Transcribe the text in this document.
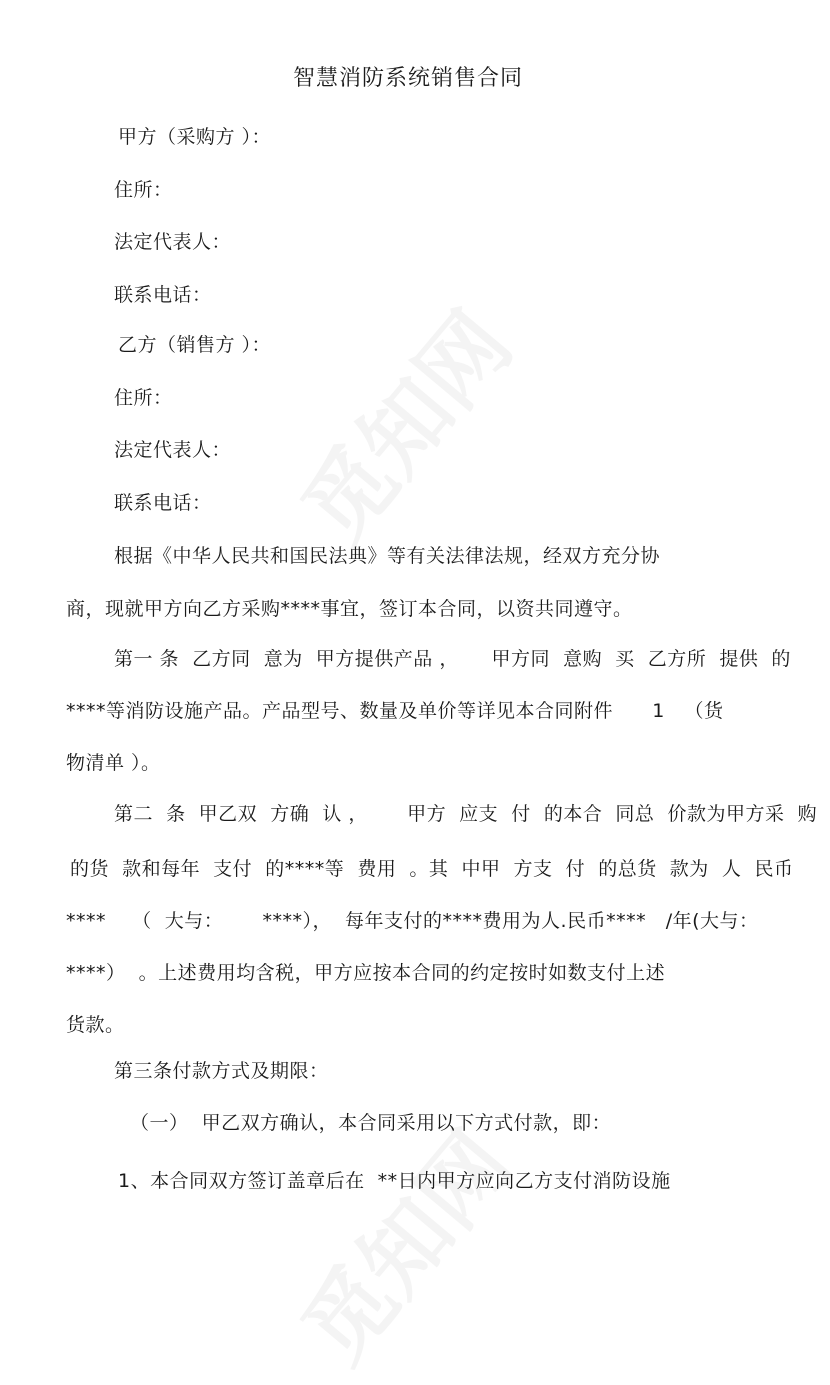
智慧消防系统销售合同
甲方（采购方 ）：
住所：
法定代表人：
联系电话：
乙方（销售方 ）：
住所：
法定代表人：
联系电话：
根据《中华人民共和国民法典》等有关法律法规，经双方充分协
商，现就甲方向乙方采购****事宜，签订本合同，以资共同遵守。
第一 条  乙方同  意为  甲方提供产品 ，     甲方同  意购  买  乙方所  提供  的
****等消防设施产品。产品型号、数量及单价等详见本合同附件      1   （货
物清单 ）。
第二  条  甲乙双  方确  认 ，      甲方  应支  付  的本合  同总  价款为甲方采  购
的货  款和每年  支付  的****等  费用  。其  中甲  方支  付  的总货  款为  人  民币
****    （  大与：      ****），  每年支付的****费用为人.民币****   /年(大与：
****）  。上述费用均含税，甲方应按本合同的约定按时如数支付上述
货款。
第三条付款方式及期限：
（一）  甲乙双方确认，本合同采用以下方式付款，即：
1、本合同双方签订盖章后在  **日内甲方应向乙方支付消防设施
